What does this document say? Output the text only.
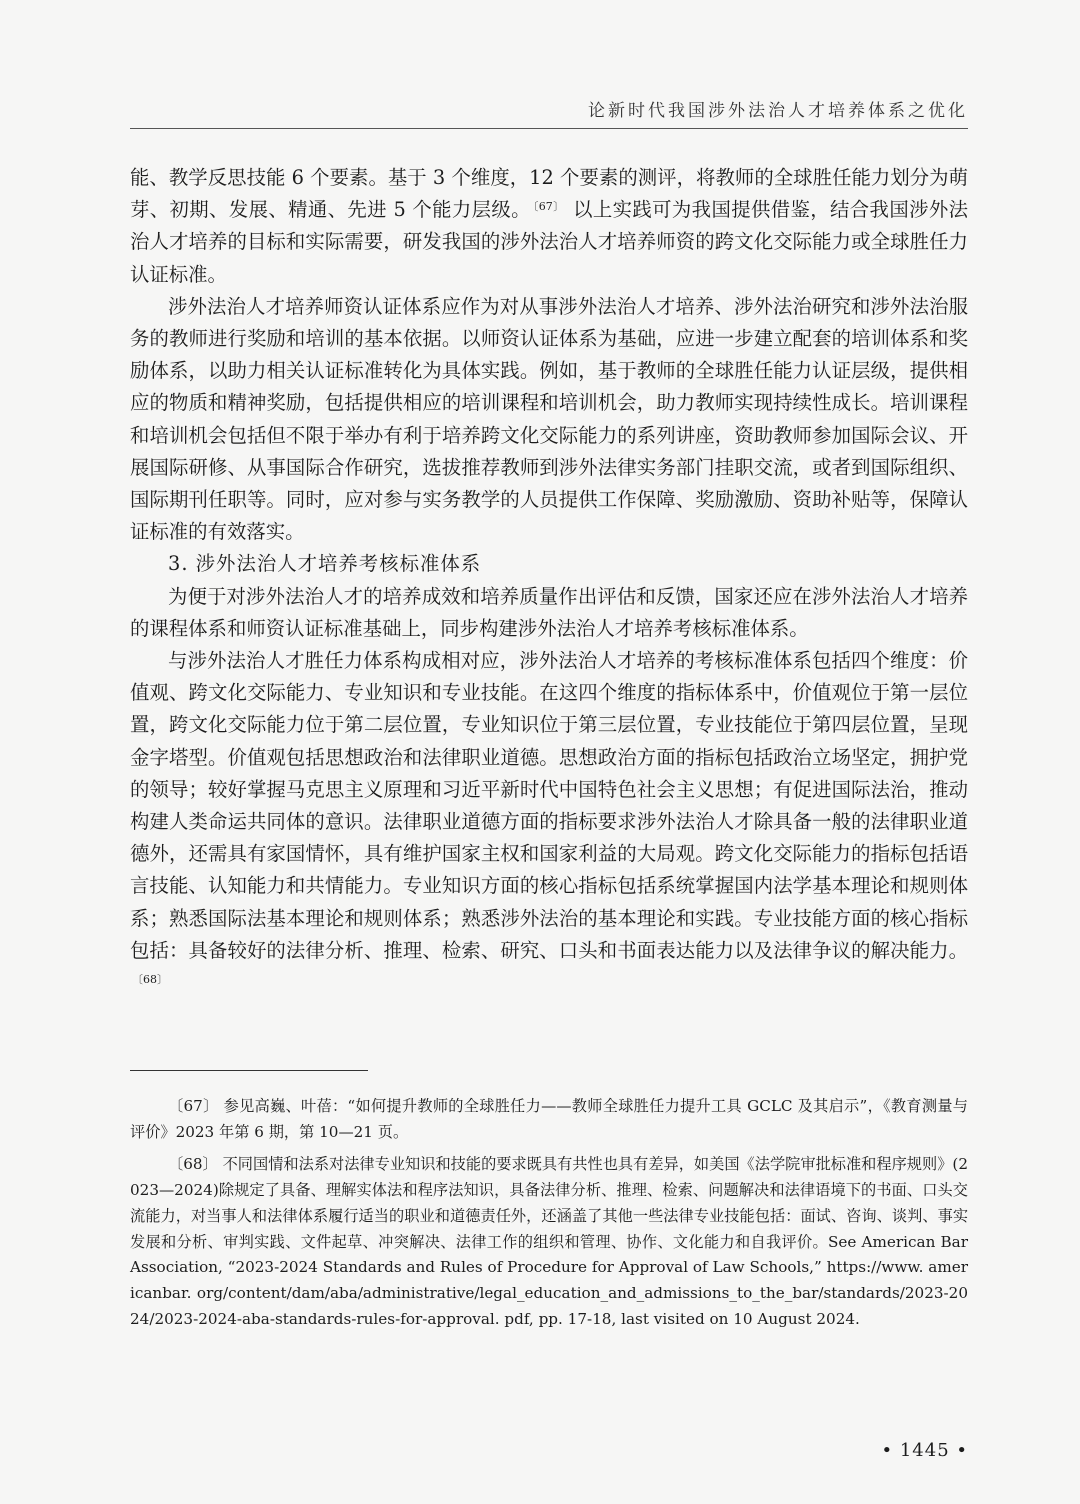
论新时代我国涉外法治人才培养体系之优化

能、教学反思技能 6 个要素。基于 3 个维度，12 个要素的测评，将教师的全球胜任能力划分为萌芽、初期、发展、精通、先进 5 个能力层级。 $^{〔67〕}$ 以上实践可为我国提供借鉴，结合我国涉外法治人才培养的目标和实际需要，研发我国的涉外法治人才培养师资的跨文化交际能力或全球胜任力认证标准。

涉外法治人才培养师资认证体系应作为对从事涉外法治人才培养、涉外法治研究和涉外法治服务的教师进行奖励和培训的基本依据。以师资认证体系为基础，应进一步建立配套的培训体系和奖励体系，以助力相关认证标准转化为具体实践。例如，基于教师的全球胜任能力认证层级，提供相应的物质和精神奖励，包括提供相应的培训课程和培训机会，助力教师实现持续性成长。培训课程和培训机会包括但不限于举办有利于培养跨文化交际能力的系列讲座，资助教师参加国际会议、开展国际研修、从事国际合作研究，选拔推荐教师到涉外法律实务部门挂职交流，或者到国际组织、国际期刊任职等。同时，应对参与实务教学的人员提供工作保障、奖励激励、资助补贴等，保障认证标准的有效落实。

3. 涉外法治人才培养考核标准体系

为便于对涉外法治人才的培养成效和培养质量作出评估和反馈，国家还应在涉外法治人才培养的课程体系和师资认证标准基础上，同步构建涉外法治人才培养考核标准体系。

与涉外法治人才胜任力体系构成相对应，涉外法治人才培养的考核标准体系包括四个维度：价值观、跨文化交际能力、专业知识和专业技能。在这四个维度的指标体系中，价值观位于第一层位置，跨文化交际能力位于第二层位置，专业知识位于第三层位置，专业技能位于第四层位置，呈现金字塔型。价值观包括思想政治和法律职业道德。思想政治方面的指标包括政治立场坚定，拥护党的领导；较好掌握马克思主义原理和习近平新时代中国特色社会主义思想；有促进国际法治，推动构建人类命运共同体的意识。法律职业道德方面的指标要求涉外法治人才除具备一般的法律职业道德外，还需具有家国情怀，具有维护国家主权和国家利益的大局观。跨文化交际能力的指标包括语言技能、认知能力和共情能力。专业知识方面的核心指标包括系统掌握国内法学基本理论和规则体系；熟悉国际法基本理论和规则体系；熟悉涉外法治的基本理论和实践。专业技能方面的核心指标包括：具备较好的法律分析、推理、检索、研究、口头和书面表达能力以及法律争议的解决能力。$^{〔68〕}$

〔67〕 参见高巍、叶蓓：“如何提升教师的全球胜任力——教师全球胜任力提升工具 GCLC 及其启示”，《教育测量与评价》2023 年第 6 期，第 10—21 页。

〔68〕 不同国情和法系对法律专业知识和技能的要求既具有共性也具有差异，如美国《法学院审批标准和程序规则》(2023—2024)除规定了具备、理解实体法和程序法知识，具备法律分析、推理、检索、问题解决和法律语境下的书面、口头交流能力，对当事人和法律体系履行适当的职业和道德责任外，还涵盖了其他一些法律专业技能包括：面试、咨询、谈判、事实发展和分析、审判实践、文件起草、冲突解决、法律工作的组织和管理、协作、文化能力和自我评价。See American Bar Association, “2023-2024 Standards and Rules of Procedure for Approval of Law Schools,” https://www. americanbar. org/content/dam/aba/administrative/legal_education_and_admissions_to_the_bar/standards/2023-2024/2023-2024-aba-standards-rules-for-approval. pdf, pp. 17-18, last visited on 10 August 2024.

• 1445 •
